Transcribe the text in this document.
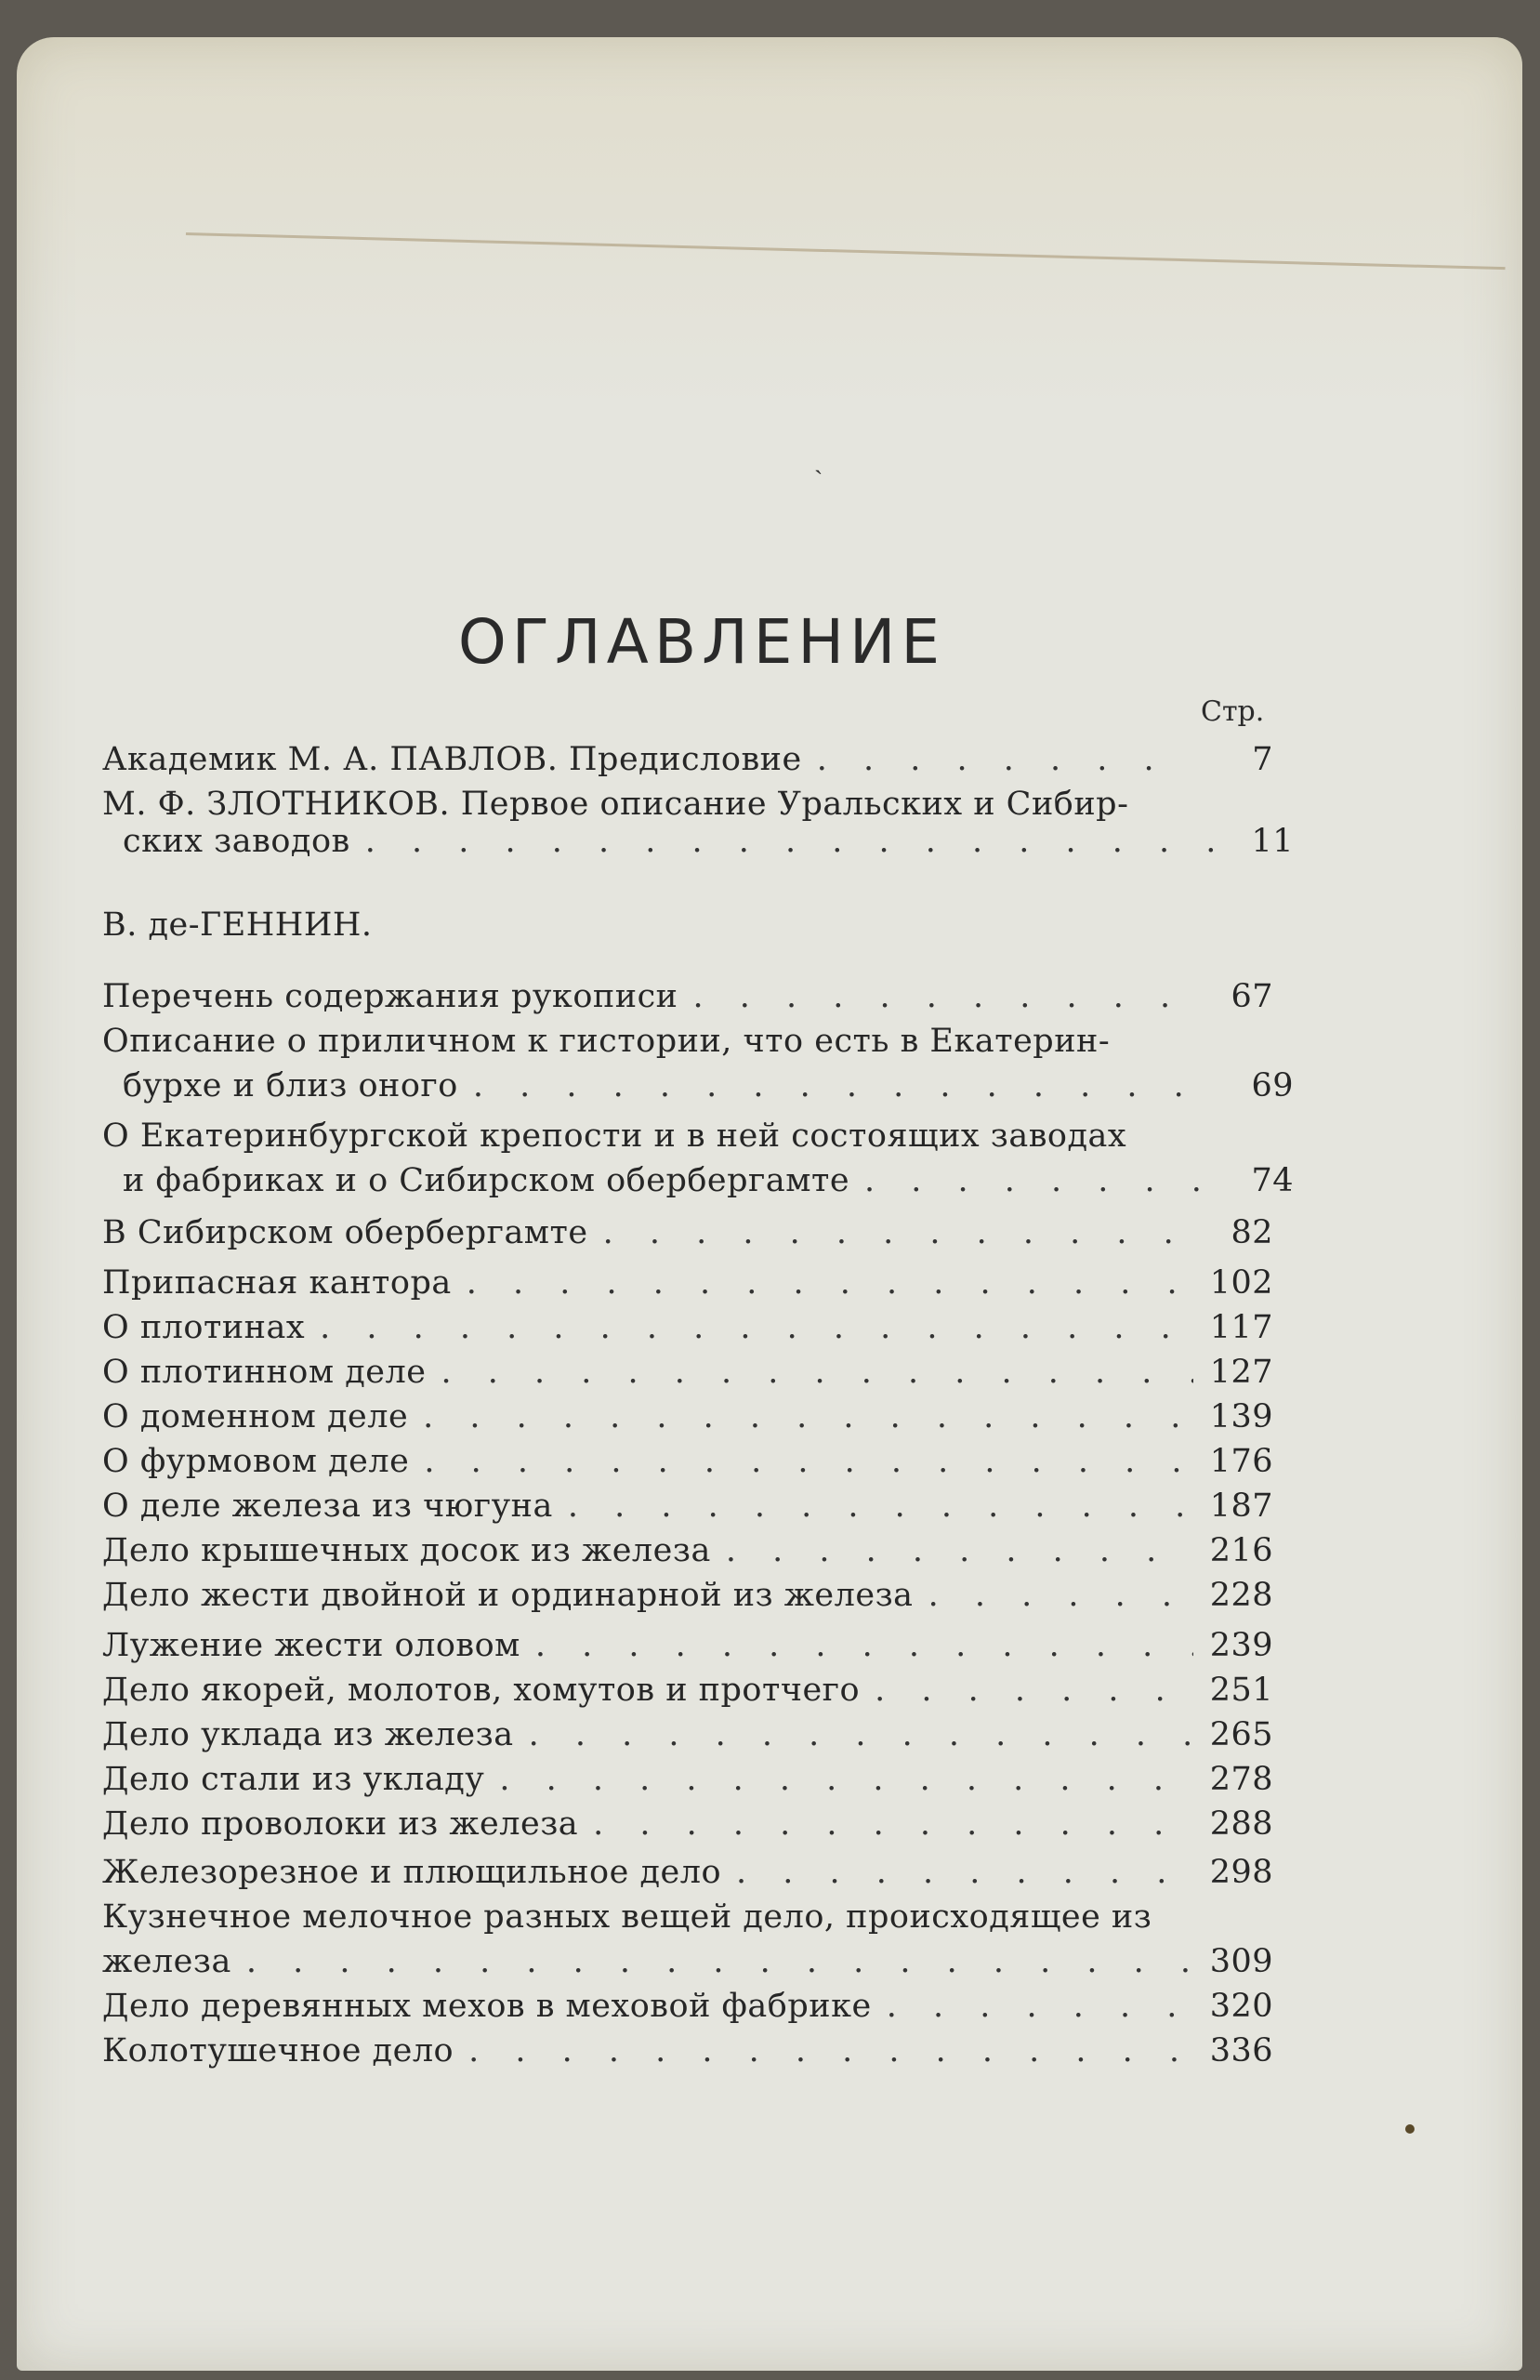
ˏ
ОГЛАВЛЕНИЕ
Стр.
Академик М. А. ПАВЛОВ. Предисловие . . .	7
М. Ф. ЗЛОТНИКОВ. Первое описание Уральских и Сибир-
ских заводов . . .	11
В. де-ГЕННИН.
Перечень содержания рукописи . . .	67
Описание о приличном к гистории, что есть в Екатерин-
бурхе и близ оного . . .	69
О Екатеринбургской крепости и в ней состоящих заводах
и фабриках и о Сибирском обербергамте . . .	74
В Сибирском обербергамте . . .	82
Припасная кантора . . .	102
О плотинах . . .	117
О плотинном деле . . .	127
О доменном деле . . .	139
О фурмовом деле . . .	176
О деле железа из чюгуна . . .	187
Дело крышечных досок из железа . . .	216
Дело жести двойной и ординарной из железа . . .	228
Лужение жести оловом . . .	239
Дело якорей, молотов, хомутов и протчего . . .	251
Дело уклада из железа . . .	265
Дело стали из укладу . . .	278
Дело проволоки из железа . . .	288
Железорезное и плющильное дело . . .	298
Кузнечное мелочное разных вещей дело, происходящее из
железа . . .	309
Дело деревянных мехов в меховой фабрике . . .	320
Колотушечное дело . . .	336
